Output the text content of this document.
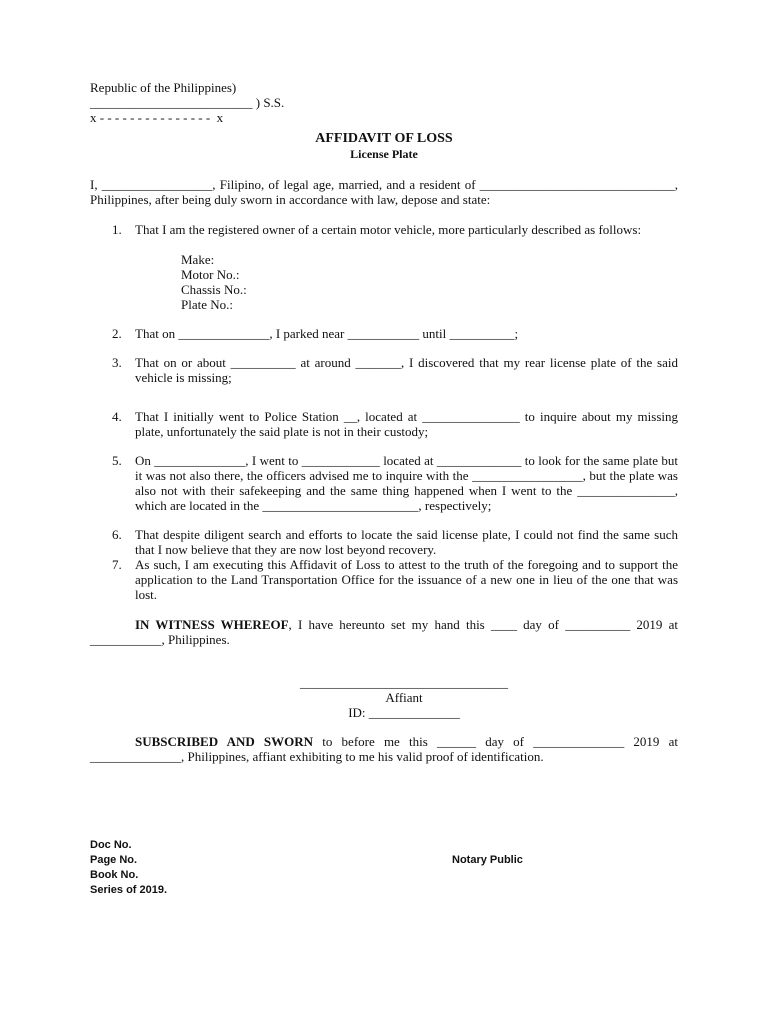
Republic of the Philippines)
_________________________ ) S.S.
x - - - - - - - - - - - - - - -  x
AFFIDAVIT OF LOSS
License Plate
I, _________________, Filipino, of legal age, married, and a resident of ______________________________, Philippines, after being duly sworn in accordance with law, depose and state:
1. That I am the registered owner of a certain motor vehicle, more particularly described as follows:
Make:
Motor No.:
Chassis No.:
Plate No.:
2. That on ______________, I parked near ___________ until __________;
3. That on or about __________ at around _______, I discovered that my rear license plate of the said vehicle is missing;
4. That I initially went to Police Station __, located at _______________ to inquire about my missing plate, unfortunately the said plate is not in their custody;
5. On ______________, I went to ____________ located at _____________ to look for the same plate but it was not also there, the officers advised me to inquire with the _________________, but the plate was also not with their safekeeping and the same thing happened when I went to the _______________, which are located in the ________________________, respectively;
6. That despite diligent search and efforts to locate the said license plate, I could not find the same such that I now believe that they are now lost beyond recovery.
7. As such, I am executing this Affidavit of Loss to attest to the truth of the foregoing and to support the application to the Land Transportation Office for the issuance of a new one in lieu of the one that was lost.
IN WITNESS WHEREOF, I have hereunto set my hand this ____ day of __________ 2019 at ___________, Philippines.
________________________________
Affiant
ID: ______________
SUBSCRIBED AND SWORN to before me this ______ day of ______________ 2019 at ______________, Philippines, affiant exhibiting to me his valid proof of identification.
Doc No.
Page No.
Book No.
Series of 2019.
Notary Public
